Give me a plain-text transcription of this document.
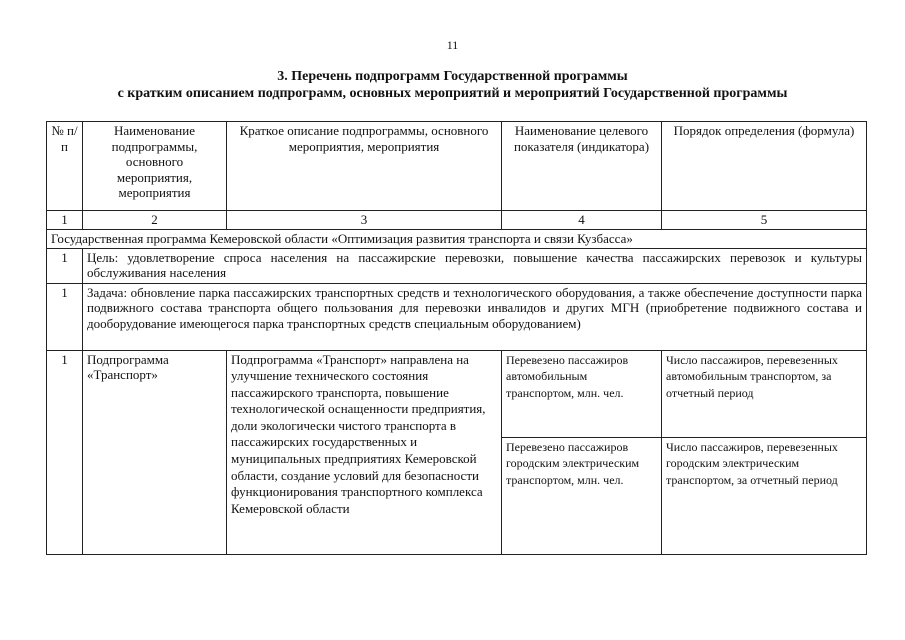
11
3. Перечень подпрограмм Государственной программы
с кратким описанием подпрограмм, основных мероприятий и мероприятий Государственной программы
№ п/п	Наименование подпрограммы, основного мероприятия, мероприятия	Краткое описание подпрограммы, основного мероприятия, мероприятия	Наименование целевого показателя (индикатора)	Порядок определения (формула)
1	2	3	4	5
Государственная программа Кемеровской области «Оптимизация развития транспорта и связи Кузбасса»				
1	Цель: удовлетворение спроса населения на пассажирские перевозки, повышение качества пассажирских перевозок и культуры обслуживания населения			
1	Задача: обновление парка пассажирских транспортных средств и технологического оборудования, а также обеспечение доступности парка подвижного состава транспорта общего пользования для перевозки инвалидов и других МГН (приобретение подвижного состава и дооборудование имеющегося парка транспортных средств специальным оборудованием)			
1	Подпрограмма «Транспорт»	Подпрограмма «Транспорт» направлена на улучшение технического состояния пассажирского транспорта, повышение технологической оснащенности предприятия, доли экологически чистого транспорта в пассажирских государственных и муниципальных предприятиях Кемеровской области, создание условий для безопасности функционирования транспортного комплекса Кемеровской области	Перевезено пассажиров автомобильным транспортом, млн. чел.	Число пассажиров, перевезенных автомобильным транспортом, за отчетный период
			Перевезено пассажиров городским электрическим транспортом, млн. чел.	Число пассажиров, перевезенных городским электрическим транспортом, за отчетный период
